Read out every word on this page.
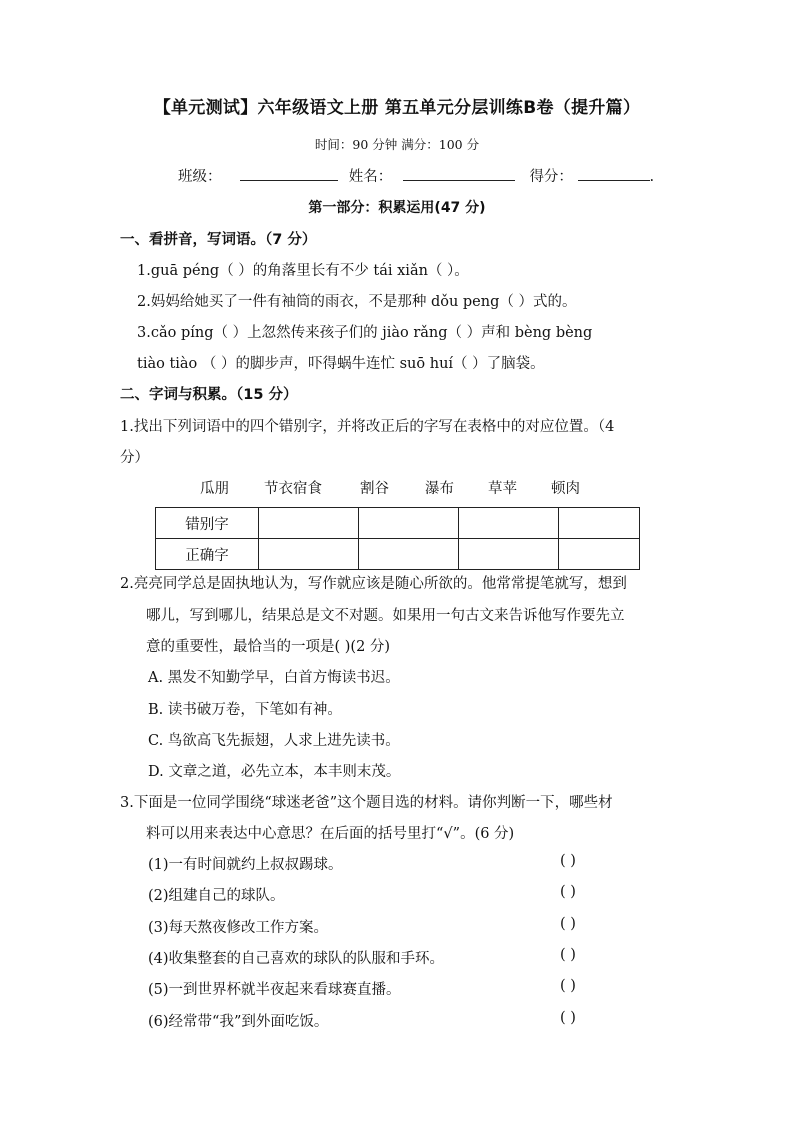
【单元测试】六年级语文上册 第五单元分层训练B卷（提升篇）
时间：90 分钟 满分：100 分
班级：	姓名：	得分：	.
第一部分：积累运用(47 分)
一、看拼音，写词语。（7 分）
1.guā péng（ ）的角落里长有不少 tái xiǎn（ ）。
2.妈妈给她买了一件有袖筒的雨衣，不是那种 dǒu peng（ ）式的。
3.cǎo píng（ ）上忽然传来孩子们的 jiào rǎng（ ）声和 bèng bèng
tiào tiào （ ）的脚步声，吓得蜗牛连忙 suō huí（ ）了脑袋。
二、字词与积累。（15 分）
1.找出下列词语中的四个错别字，并将改正后的字写在表格中的对应位置。（4
分）
瓜朋 节衣宿食	割谷 瀑布 草苹 顿肉
错别字				
正确字				
2.亮亮同学总是固执地认为，写作就应该是随心所欲的。他常常提笔就写，想到
哪儿，写到哪儿，结果总是文不对题。如果用一句古文来告诉他写作要先立
意的重要性，最恰当的一项是( )(2 分)
A. 黑发不知勤学早，白首方悔读书迟。
B. 读书破万卷，下笔如有神。
C. 鸟欲高飞先振翅，人求上进先读书。
D. 文章之道，必先立本，本丰则末茂。
3.下面是一位同学围绕“球迷老爸”这个题目选的材料。请你判断一下，哪些材
料可以用来表达中心意思？在后面的括号里打“√”。(6 分)
(1)一有时间就约上叔叔踢球。	( )
(2)组建自己的球队。	( )
(3)每天熬夜修改工作方案。	( )
(4)收集整套的自己喜欢的球队的队服和手环。	( )
(5)一到世界杯就半夜起来看球赛直播。	( )
(6)经常带“我”到外面吃饭。	( )
